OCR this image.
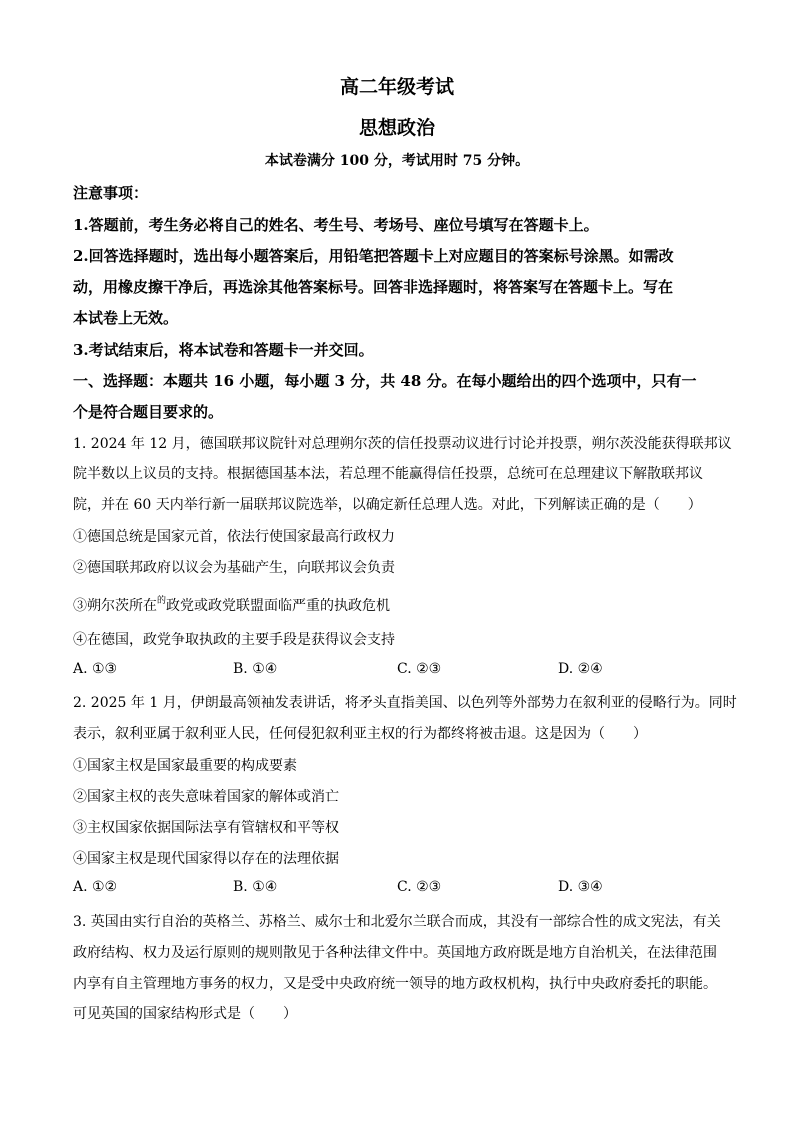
高二年级考试
思想政治
本试卷满分 100 分，考试用时 75 分钟。
注意事项：
1.答题前，考生务必将自己的姓名、考生号、考场号、座位号填写在答题卡上。
2.回答选择题时，选出每小题答案后，用铅笔把答题卡上对应题目的答案标号涂黑。如需改
动，用橡皮擦干净后，再选涂其他答案标号。回答非选择题时，将答案写在答题卡上。写在
本试卷上无效。
3.考试结束后，将本试卷和答题卡一并交回。
一、选择题：本题共 16 小题，每小题 3 分，共 48 分。在每小题给出的四个选项中，只有一
个是符合题目要求的。
1. 2024 年 12 月，德国联邦议院针对总理朔尔茨的信任投票动议进行讨论并投票，朔尔茨没能获得联邦议
院半数以上议员的支持。根据德国基本法，若总理不能赢得信任投票，总统可在总理建议下解散联邦议
院，并在 60 天内举行新一届联邦议院选举，以确定新任总理人选。对此，下列解读正确的是（　　）
①德国总统是国家元首，依法行使国家最高行政权力
②德国联邦政府以议会为基础产生，向联邦议会负责
③朔尔茨所在$^的$政党或政党联盟面临严重的执政危机
④在德国，政党争取执政的主要手段是获得议会支持
A. ①③	B. ①④	C. ②③	D. ②④
2. 2025 年 1 月，伊朗最高领袖发表讲话，将矛头直指美国、以色列等外部势力在叙利亚的侵略行为。同时
表示，叙利亚属于叙利亚人民，任何侵犯叙利亚主权的行为都终将被击退。这是因为（　　）
①国家主权是国家最重要的构成要素
②国家主权的丧失意味着国家的解体或消亡
③主权国家依据国际法享有管辖权和平等权
④国家主权是现代国家得以存在的法理依据
A. ①②	B. ①④	C. ②③	D. ③④
3. 英国由实行自治的英格兰、苏格兰、威尔士和北爱尔兰联合而成，其没有一部综合性的成文宪法，有关
政府结构、权力及运行原则的规则散见于各种法律文件中。英国地方政府既是地方自治机关，在法律范围
内享有自主管理地方事务的权力，又是受中央政府统一领导的地方政权机构，执行中央政府委托的职能。
可见英国的国家结构形式是（　　）
